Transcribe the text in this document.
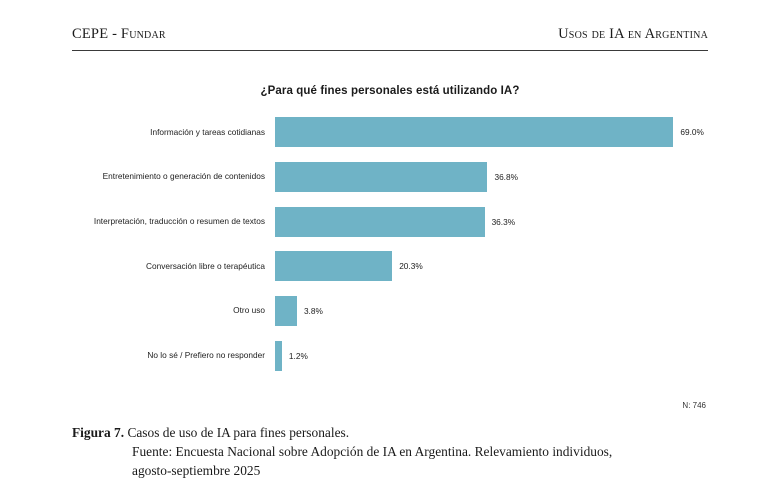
CEPE - Fundar	Usos de IA en Argentina
¿Para qué fines personales está utilizando IA?
Información y tareas cotidianas	69.0%
Entretenimiento o generación de contenidos	36.8%
Interpretación, traducción o resumen de textos	36.3%
Conversación libre o terapéutica	20.3%
Otro uso	3.8%
No lo sé / Prefiero no responder	1.2%
N: 746
Figura 7. Casos de uso de IA para fines personales.
Fuente: Encuesta Nacional sobre Adopción de IA en Argentina. Relevamiento individuos,
agosto-septiembre 2025
